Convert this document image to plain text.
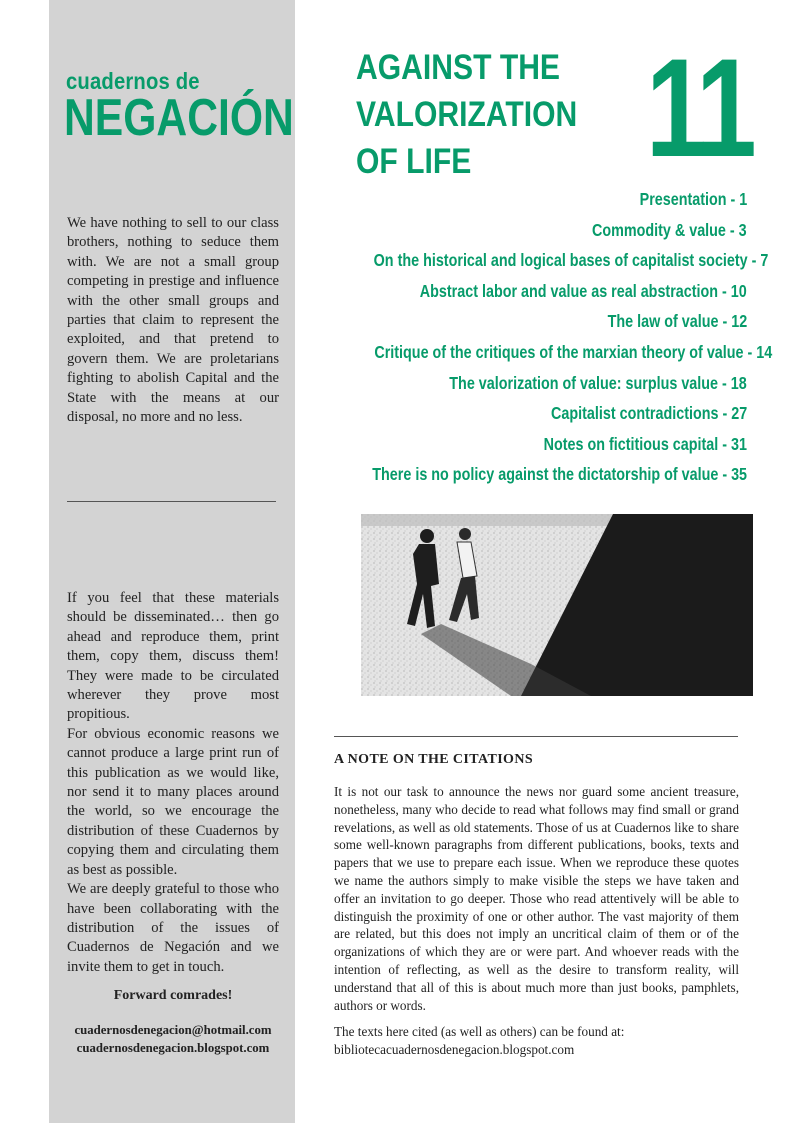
cuadernos de
NEGACIÓN

We have nothing to sell to our class brothers, nothing to seduce them with. We are not a small group competing in prestige and influence with the other small groups and parties that claim to represent the exploited, and that pretend to govern them. We are proletarians fighting to abolish Capital and the State with the means at our disposal, no more and no less.

If you feel that these materials should be disseminated… then go ahead and reproduce them, print them, copy them, discuss them! They were made to be circulated wherever they prove most propitious.

For obvious economic reasons we cannot produce a large print run of this publication as we would like, nor send it to many places around the world, so we encourage the distribution of these Cuadernos by copying them and circulating them as best as possible.

We are deeply grateful to those who have been collaborating with the distribution of the issues of Cuadernos de Negación and we invite them to get in touch.

Forward comrades!
cuadernosdenegacion@hotmail.com
cuadernosdenegacion.blogspot.com
AGAINST THE
VALORIZATION
OF LIFE	11
Presentation - 1
Commodity & value - 3
On the historical and logical bases of capitalist society - 7
Abstract labor and value as real abstraction - 10
The law of value - 12
Critique of the critiques of the marxian theory of value - 14
The valorization of value: surplus value - 18
Capitalist contradictions - 27
Notes on fictitious capital - 31
There is no policy against the dictatorship of value - 35
A NOTE ON THE CITATIONS

It is not our task to announce the news nor guard some ancient treasure, nonetheless, many who decide to read what follows may find small or grand revelations, as well as old statements. Those of us at Cuadernos like to share some well-known paragraphs from different publications, books, texts and papers that we use to prepare each issue. When we reproduce these quotes we name the authors simply to make visible the steps we have taken and offer an invitation to go deeper. Those who read attentively will be able to distinguish the proximity of one or other author. The vast majority of them are related, but this does not imply an uncritical claim of them or of the organizations of which they are or were part. And whoever reads with the intention of reflecting, as well as the desire to transform reality, will understand that all of this is about much more than just books, pamphlets, authors or words.

The texts here cited (as well as others) can be found at:
bibliotecacuadernosdenegacion.blogspot.com
